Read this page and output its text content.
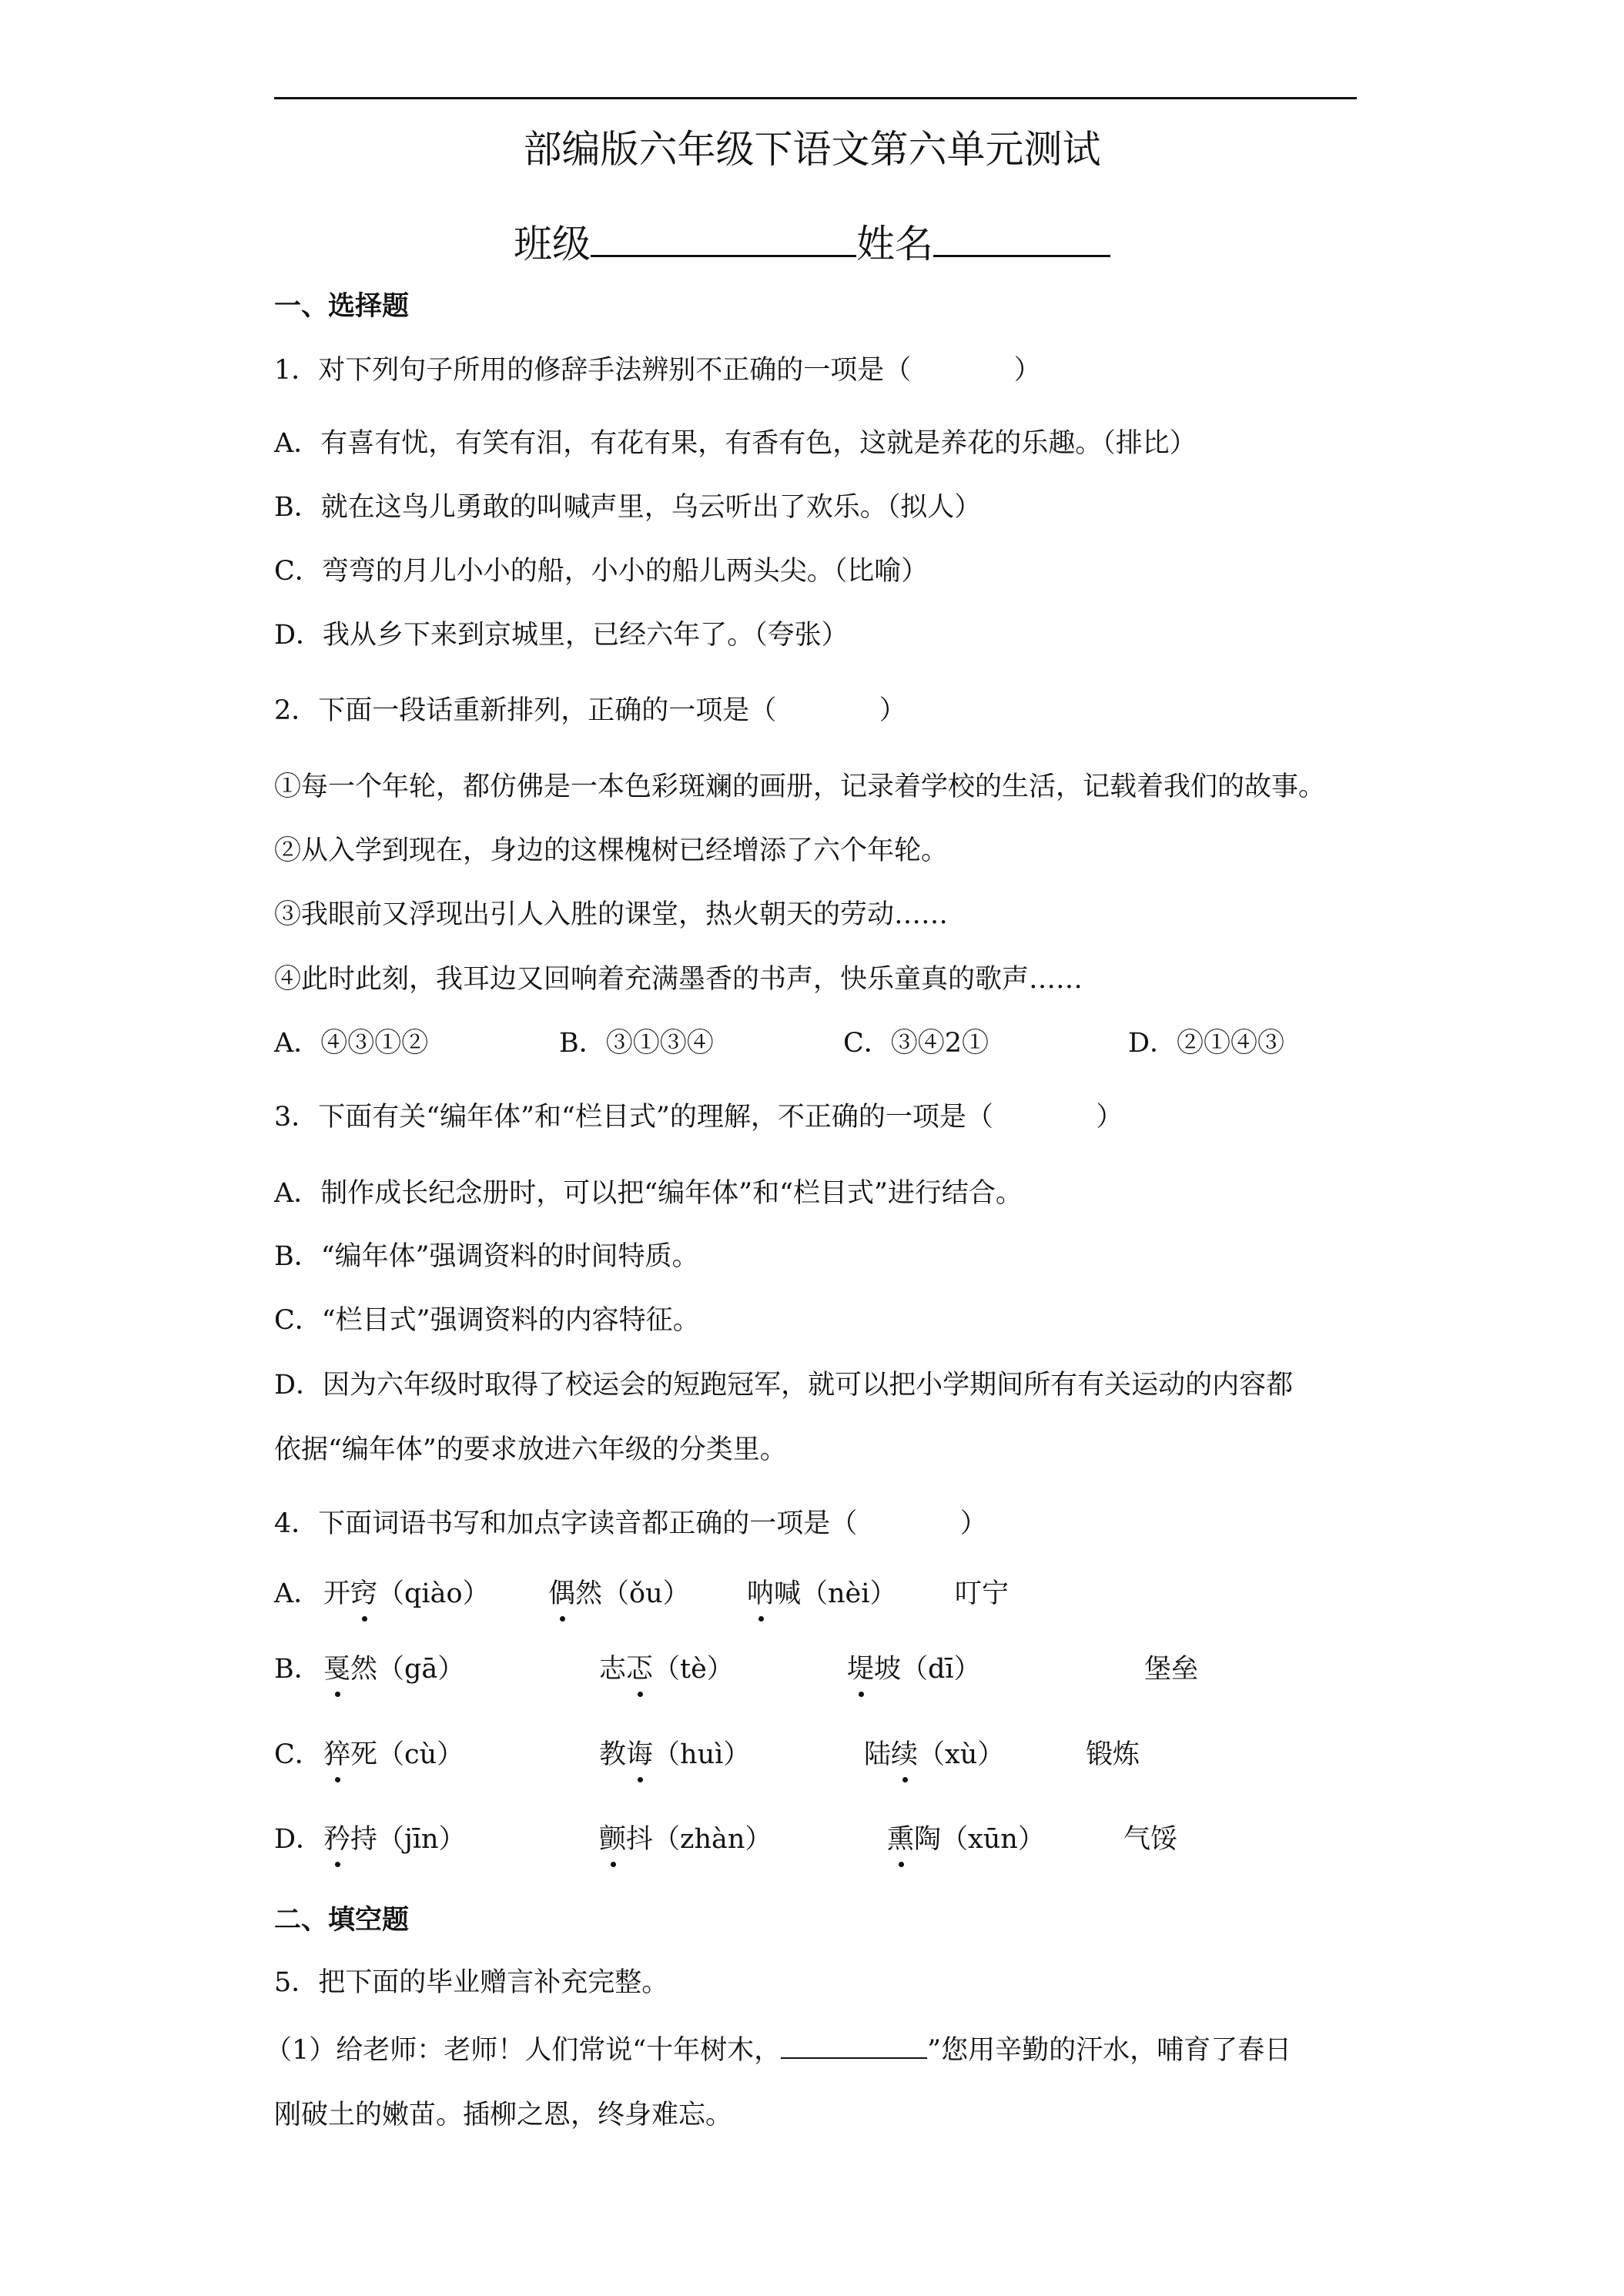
部编版六年级下语文第六单元测试
班级	姓名
一、选择题
1．对下列句子所用的修辞手法辨别不正确的一项是（            ）
A．有喜有忧，有笑有泪，有花有果，有香有色，这就是养花的乐趣。（排比）
B．就在这鸟儿勇敢的叫喊声里，乌云听出了欢乐。（拟人）
C．弯弯的月儿小小的船，小小的船儿两头尖。（比喻）
D．我从乡下来到京城里，已经六年了。（夸张）
2．下面一段话重新排列，正确的一项是（            ）
①每一个年轮，都仿佛是一本色彩斑斓的画册，记录着学校的生活，记载着我们的故事。
②从入学到现在，身边的这棵槐树已经增添了六个年轮。
③我眼前又浮现出引人入胜的课堂，热火朝天的劳动……
④此时此刻，我耳边又回响着充满墨香的书声，快乐童真的歌声……
A．④③①②	B．③①③④	C．③④2①	D．②①④③
3．下面有关“编年体”和“栏目式”的理解，不正确的一项是（            ）
A．制作成长纪念册时，可以把“编年体”和“栏目式”进行结合。
B．“编年体”强调资料的时间特质。
C．“栏目式”强调资料的内容特征。
D．因为六年级时取得了校运会的短跑冠军，就可以把小学期间所有有关运动的内容都
依据“编年体”的要求放进六年级的分类里。
4．下面词语书写和加点字读音都正确的一项是（            ）
A． 开窍（qiào） 偶然（ǒu） 呐喊（nèi） 叮宁
B． 戛然（gā）	志忑（tè）	堤坡（dī）	堡垒
C． 猝死（cù）	教诲（huì）	陆续（xù）	锻炼
D． 矜持（jīn）	颤抖（zhàn）	熏陶（xūn）	气馁
二、填空题
5．把下面的毕业赠言补充完整。
（1）给老师：老师！人们常说“十年树木，	”您用辛勤的汗水，哺育了春日
刚破土的嫩苗。插柳之恩，终身难忘。
